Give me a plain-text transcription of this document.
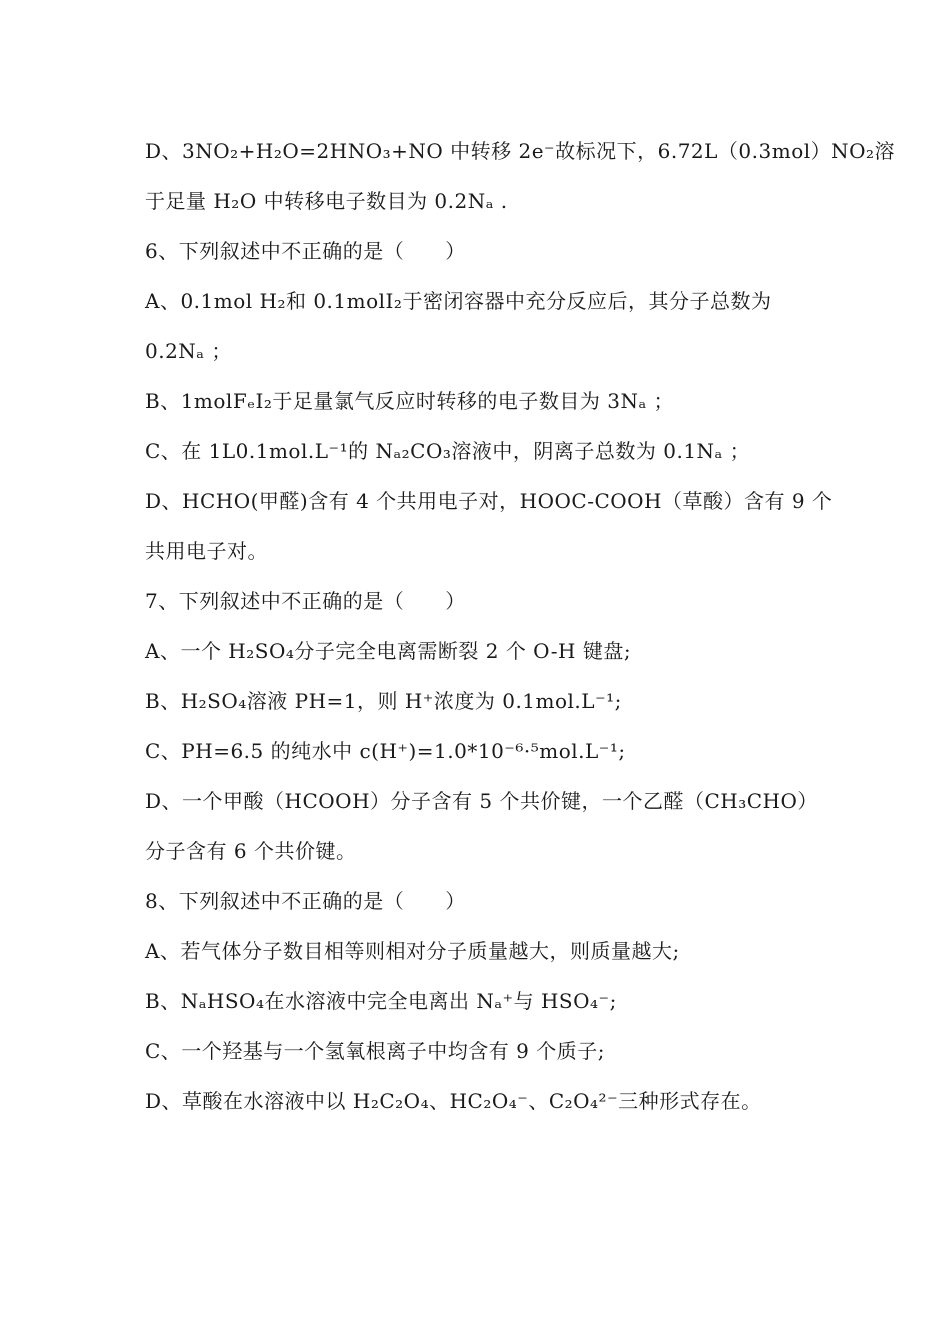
D、3NO₂+H₂O=2HNO₃+NO 中转移 2e⁻故标况下，6.72L（0.3mol）NO₂溶
于足量 H₂O 中转移电子数目为 0.2Nₐ .
6、下列叙述中不正确的是（　　）
A、0.1mol H₂和 0.1molI₂于密闭容器中充分反应后，其分子总数为
0.2Nₐ ；
B、1molFₑI₂于足量氯气反应时转移的电子数目为 3Nₐ ；
C、在 1L0.1mol.L⁻¹的 Nₐ₂CO₃溶液中，阴离子总数为 0.1Nₐ ；
D、HCHO(甲醛)含有 4 个共用电子对，HOOC-COOH（草酸）含有 9 个
共用电子对。
7、下列叙述中不正确的是（　　）
A、一个 H₂SO₄分子完全电离需断裂 2 个 O-H 键盘;
B、H₂SO₄溶液 PH=1，则 H⁺浓度为 0.1mol.L⁻¹;
C、PH=6.5 的纯水中 c(H⁺)=1.0*10⁻⁶·⁵mol.L⁻¹;
D、一个甲酸（HCOOH）分子含有 5 个共价键，一个乙醛（CH₃CHO）
分子含有 6 个共价键。
8、下列叙述中不正确的是（　　）
A、若气体分子数目相等则相对分子质量越大，则质量越大;
B、NₐHSO₄在水溶液中完全电离出 Nₐ⁺与 HSO₄⁻;
C、一个羟基与一个氢氧根离子中均含有 9 个质子;
D、草酸在水溶液中以 H₂C₂O₄、HC₂O₄⁻、C₂O₄²⁻三种形式存在。
